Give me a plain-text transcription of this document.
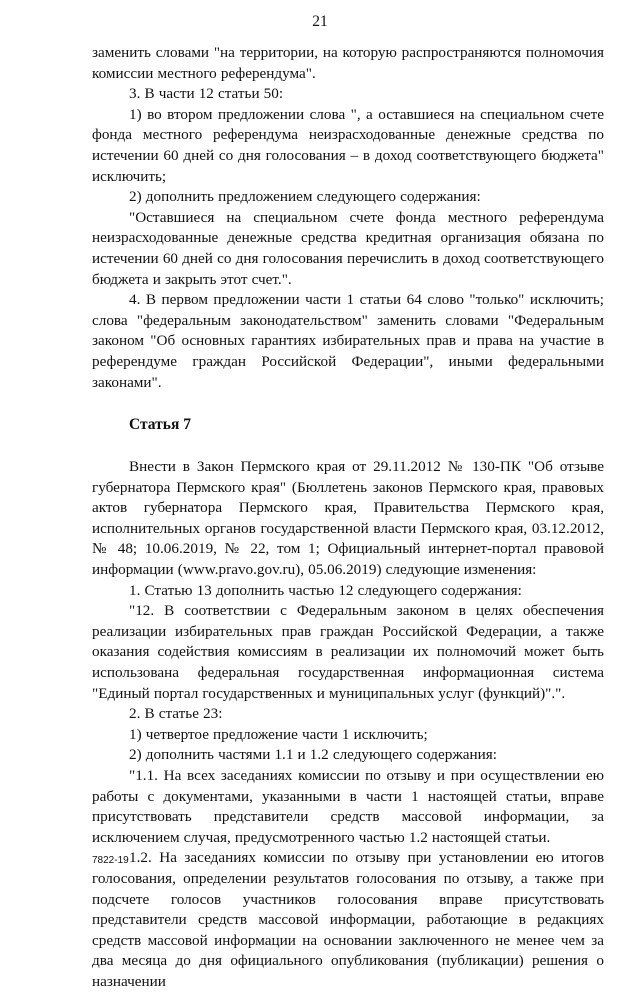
21

заменить словами "на территории, на которую распространяются полномочия комиссии местного референдума".

3. В части 12 статьи 50:

1) во втором предложении слова ", а оставшиеся на специальном счете фонда местного референдума неизрасходованные денежные средства по истечении 60 дней со дня голосования – в доход соответствующего бюджета" исключить;

2) дополнить предложением следующего содержания:

"Оставшиеся на специальном счете фонда местного референдума неизрасходованные денежные средства кредитная организация обязана по истечении 60 дней со дня голосования перечислить в доход соответствующего бюджета и закрыть этот счет.".

4. В первом предложении части 1 статьи 64 слово "только" исключить; слова "федеральным законодательством" заменить словами "Федеральным законом "Об основных гарантиях избирательных прав и права на участие в референдуме граждан Российской Федерации", иными федеральными законами".

Статья 7

Внести в Закон Пермского края от 29.11.2012 № 130-ПК "Об отзыве губернатора Пермского края" (Бюллетень законов Пермского края, правовых актов губернатора Пермского края, Правительства Пермского края, исполнительных органов государственной власти Пермского края, 03.12.2012, № 48; 10.06.2019, № 22, том 1; Официальный интернет-портал правовой информации (www.pravo.gov.ru), 05.06.2019) следующие изменения:

1. Статью 13 дополнить частью 12 следующего содержания:

"12. В соответствии с Федеральным законом в целях обеспечения реализации избирательных прав граждан Российской Федерации, а также оказания содействия комиссиям в реализации их полномочий может быть использована федеральная государственная информационная система "Единый портал государственных и муниципальных услуг (функций)".".

2. В статье 23:

1) четвертое предложение части 1 исключить;

2) дополнить частями 1.1 и 1.2 следующего содержания:

"1.1. На всех заседаниях комиссии по отзыву и при осуществлении ею работы с документами, указанными в части 1 настоящей статьи, вправе присутствовать представители средств массовой информации, за исключением случая, предусмотренного частью 1.2 настоящей статьи.

1.2. На заседаниях комиссии по отзыву при установлении ею итогов голосования, определении результатов голосования по отзыву, а также при подсчете голосов участников голосования вправе присутствовать представители средств массовой информации, работающие в редакциях средств массовой информации на основании заключенного не менее чем за два месяца до дня официального опубликования (публикации) решения о назначении

7822-19
